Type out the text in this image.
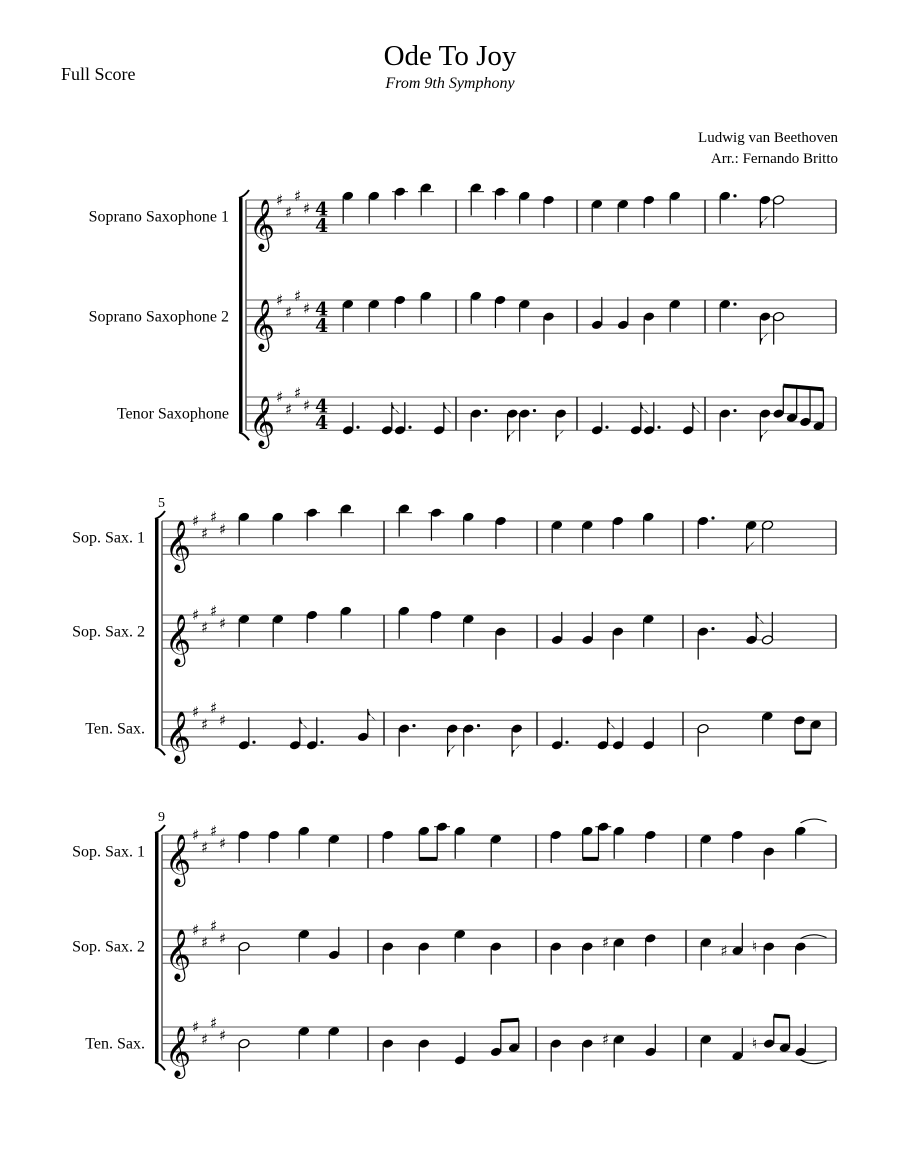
Full Score
Ode To Joy
From 9th Symphony
Ludwig van Beethoven
Arr.: Fernando Britto
Soprano Saxophone 1 𝄞 ♯
♯
♯
♯ 4
4
Soprano Saxophone 2 𝄞 ♯
♯
♯
♯ 4
4
Tenor Saxophone 𝄞 ♯
♯
♯
♯ 4
4
5
Sop. Sax. 1 𝄞 ♯
♯
♯
♯
Sop. Sax. 2 𝄞 ♯
♯
♯
♯
Ten. Sax. 𝄞 ♯
♯
♯
♯
9
Sop. Sax. 1 𝄞 ♯
♯
♯
♯
Sop. Sax. 2 𝄞 ♯
♯
♯
♯	♯	♯ ♮
Ten. Sax. 𝄞 ♯
♯
♯
♯	♯	♮
